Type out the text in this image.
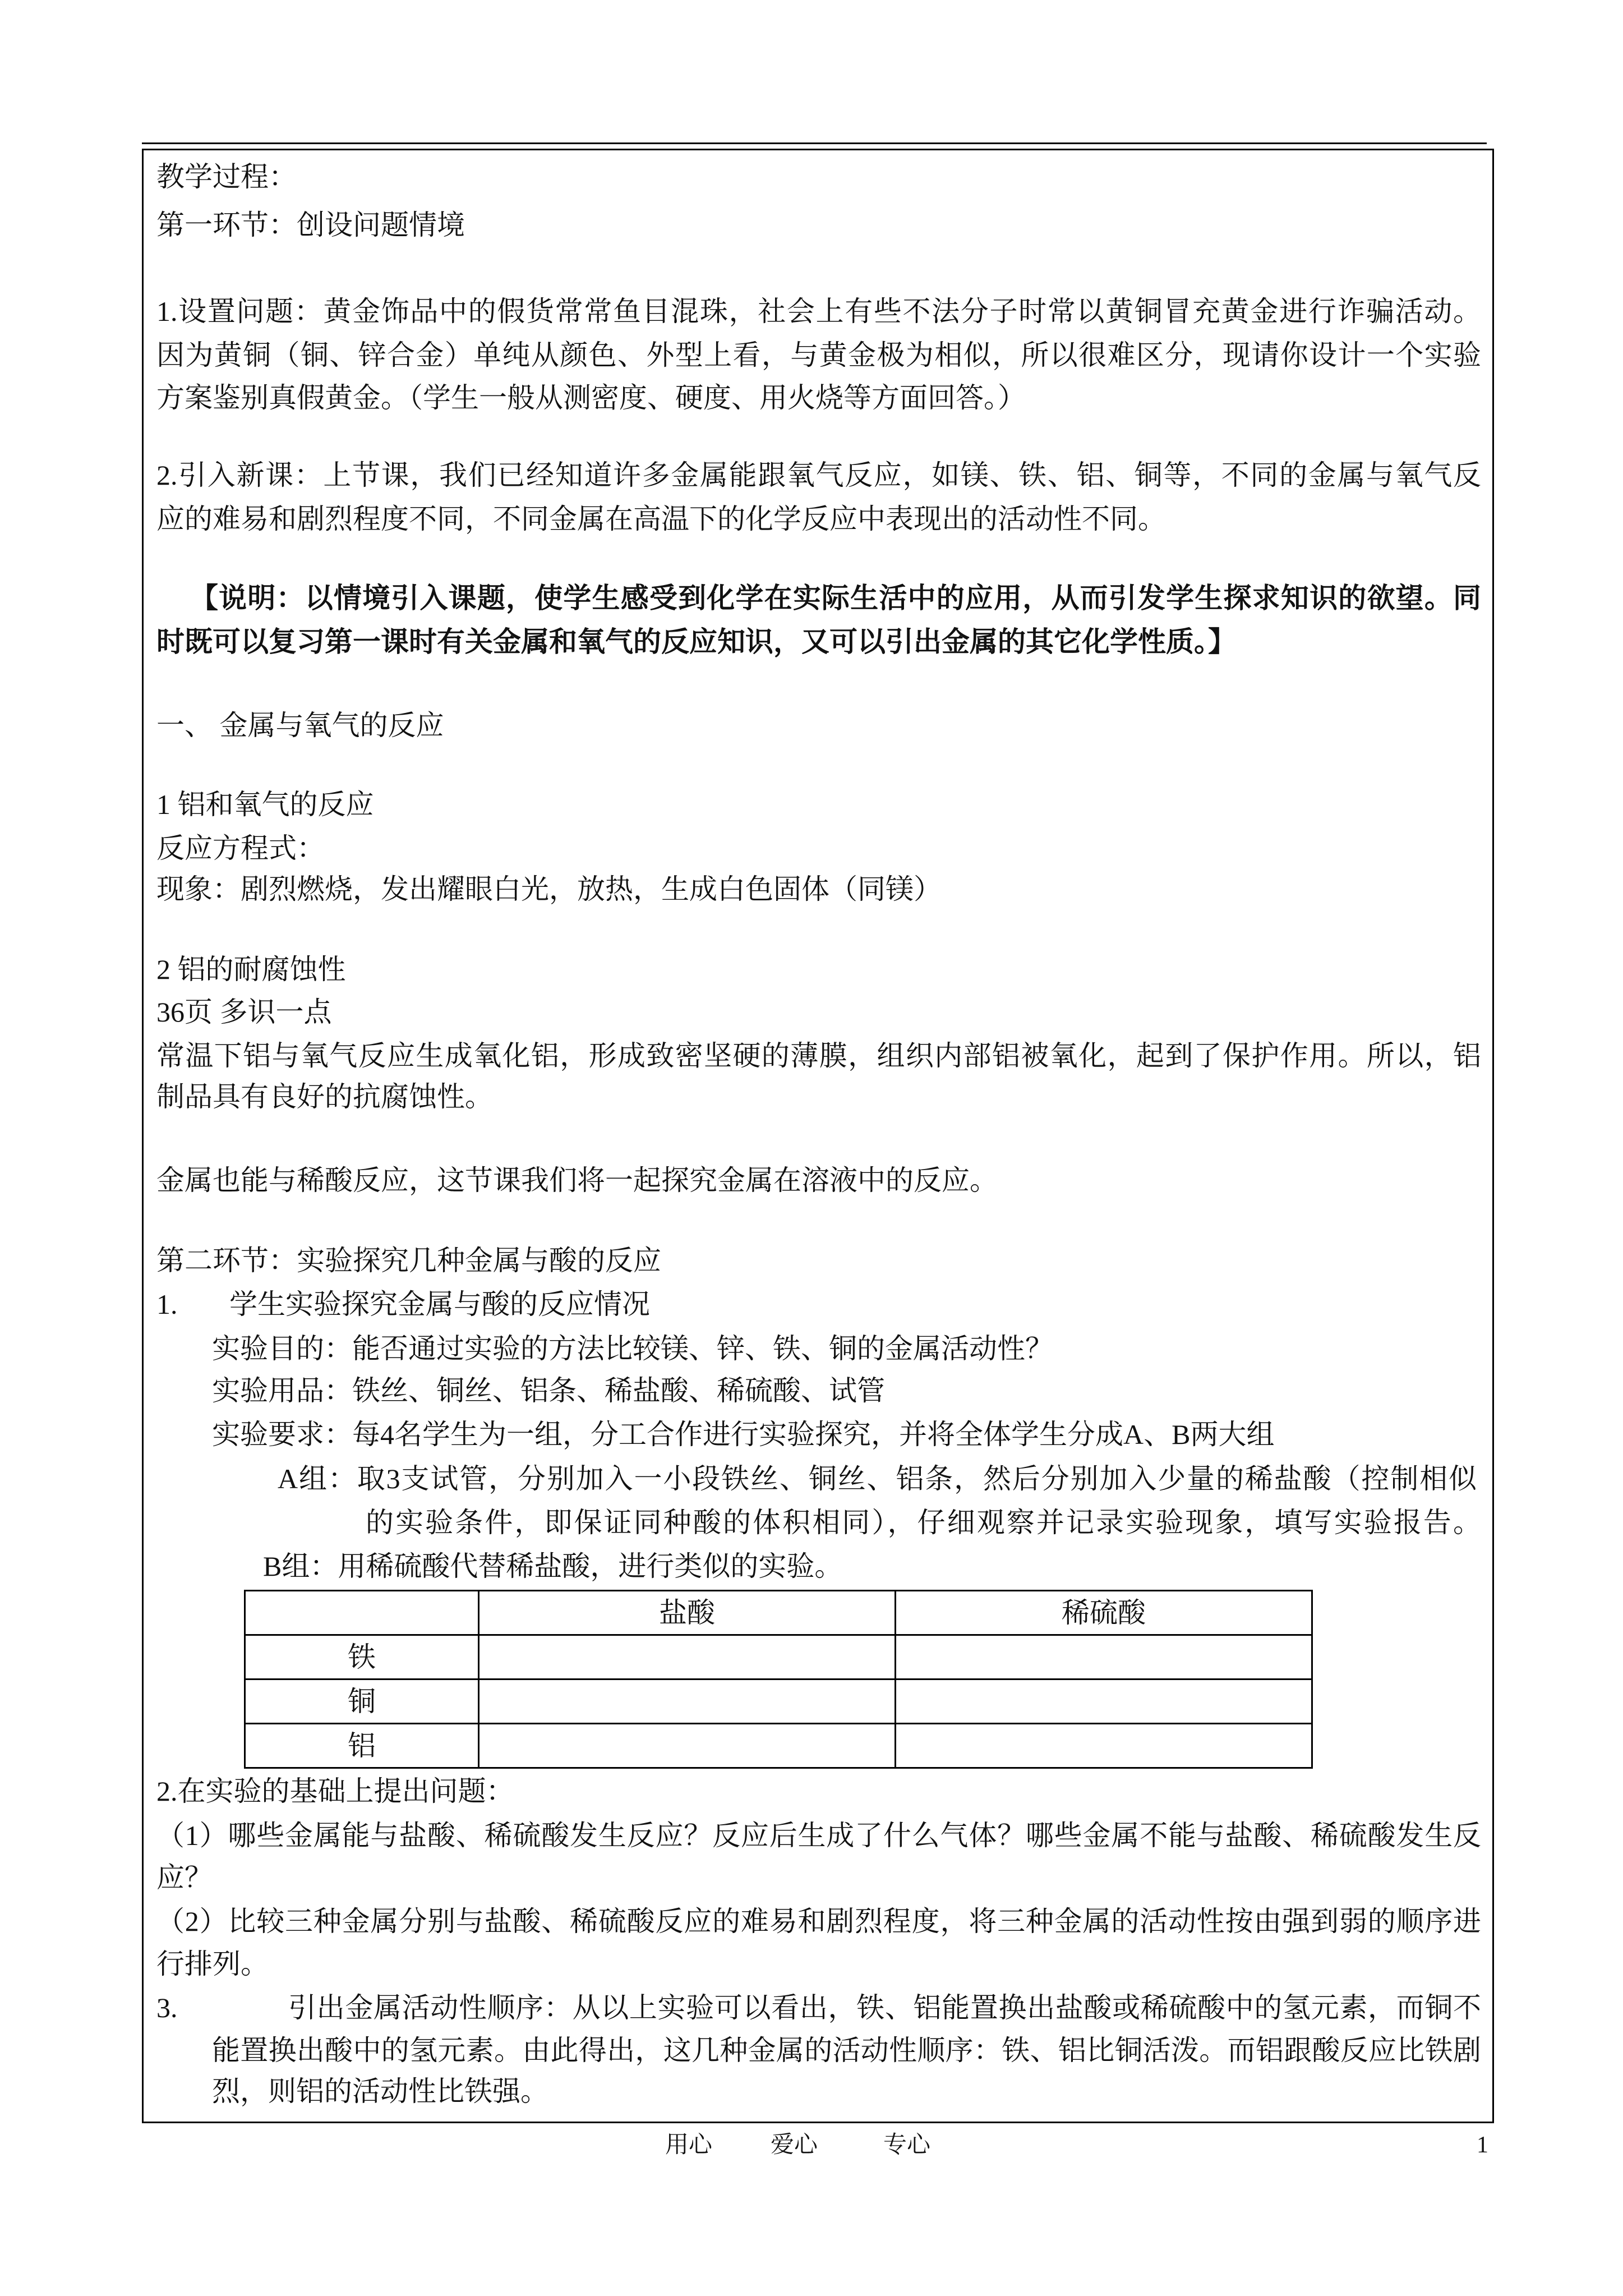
教学过程：
第一环节：创设问题情境
1.设置问题：黄金饰品中的假货常常鱼目混珠，社会上有些不法分子时常以黄铜冒充黄金进行诈骗活动。
因为黄铜（铜、锌合金）单纯从颜色、外型上看，与黄金极为相似，所以很难区分，现请你设计一个实验
方案鉴别真假黄金。（学生一般从测密度、硬度、用火烧等方面回答。）
2.引入新课：上节课，我们已经知道许多金属能跟氧气反应，如镁、铁、铝、铜等，不同的金属与氧气反
应的难易和剧烈程度不同，不同金属在高温下的化学反应中表现出的活动性不同。
【说明：以情境引入课题，使学生感受到化学在实际生活中的应用，从而引发学生探求知识的欲望。同
时既可以复习第一课时有关金属和氧气的反应知识，又可以引出金属的其它化学性质。】
一、 金属与氧气的反应
1 铝和氧气的反应
反应方程式：
现象：剧烈燃烧，发出耀眼白光，放热，生成白色固体（同镁）
2 铝的耐腐蚀性
36页 多识一点
常温下铝与氧气反应生成氧化铝，形成致密坚硬的薄膜，组织内部铝被氧化，起到了保护作用。所以，铝
制品具有良好的抗腐蚀性。
金属也能与稀酸反应，这节课我们将一起探究金属在溶液中的反应。
第二环节：实验探究几种金属与酸的反应
1. 学生实验探究金属与酸的反应情况
实验目的：能否通过实验的方法比较镁、锌、铁、铜的金属活动性？
实验用品：铁丝、铜丝、铝条、稀盐酸、稀硫酸、试管
实验要求：每4名学生为一组，分工合作进行实验探究，并将全体学生分成A、B两大组
A组：取3支试管，分别加入一小段铁丝、铜丝、铝条，然后分别加入少量的稀盐酸（控制相似
的实验条件，即保证同种酸的体积相同），仔细观察并记录实验现象，填写实验报告。
B组：用稀硫酸代替稀盐酸，进行类似的实验。
	盐酸	稀硫酸
铁		
铜		
铝		
2.在实验的基础上提出问题：
（1）哪些金属能与盐酸、稀硫酸发生反应？反应后生成了什么气体？哪些金属不能与盐酸、稀硫酸发生反
应？
（2）比较三种金属分别与盐酸、稀硫酸反应的难易和剧烈程度，将三种金属的活动性按由强到弱的顺序进
行排列。
3.	引出金属活动性顺序：从以上实验可以看出，铁、铝能置换出盐酸或稀硫酸中的氢元素，而铜不
能置换出酸中的氢元素。由此得出，这几种金属的活动性顺序：铁、铝比铜活泼。而铝跟酸反应比铁剧
烈，则铝的活动性比铁强。
用心 爱心	专心	1
